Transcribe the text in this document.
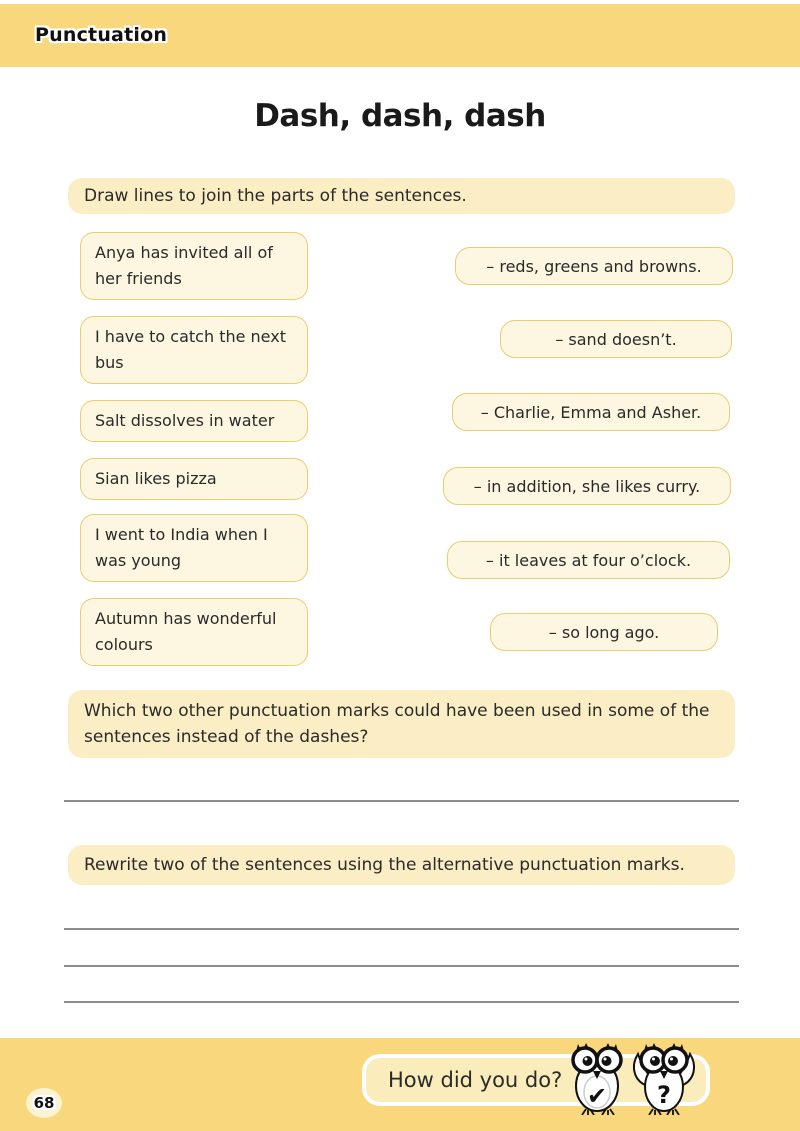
Punctuation
Dash, dash, dash
Draw lines to join the parts of the sentences.
Anya has invited all of her friends
I have to catch the next bus
Salt dissolves in water
Sian likes pizza
I went to India when I was young
Autumn has wonderful colours
– reds, greens and browns.
– sand doesn’t.
– Charlie, Emma and Asher.
– in addition, she likes curry.
– it leaves at four o’clock.
– so long ago.
Which two other punctuation marks could have been used in some of the sentences instead of the dashes?
Rewrite two of the sentences using the alternative punctuation marks.
68
How did you do?
✔ ?
